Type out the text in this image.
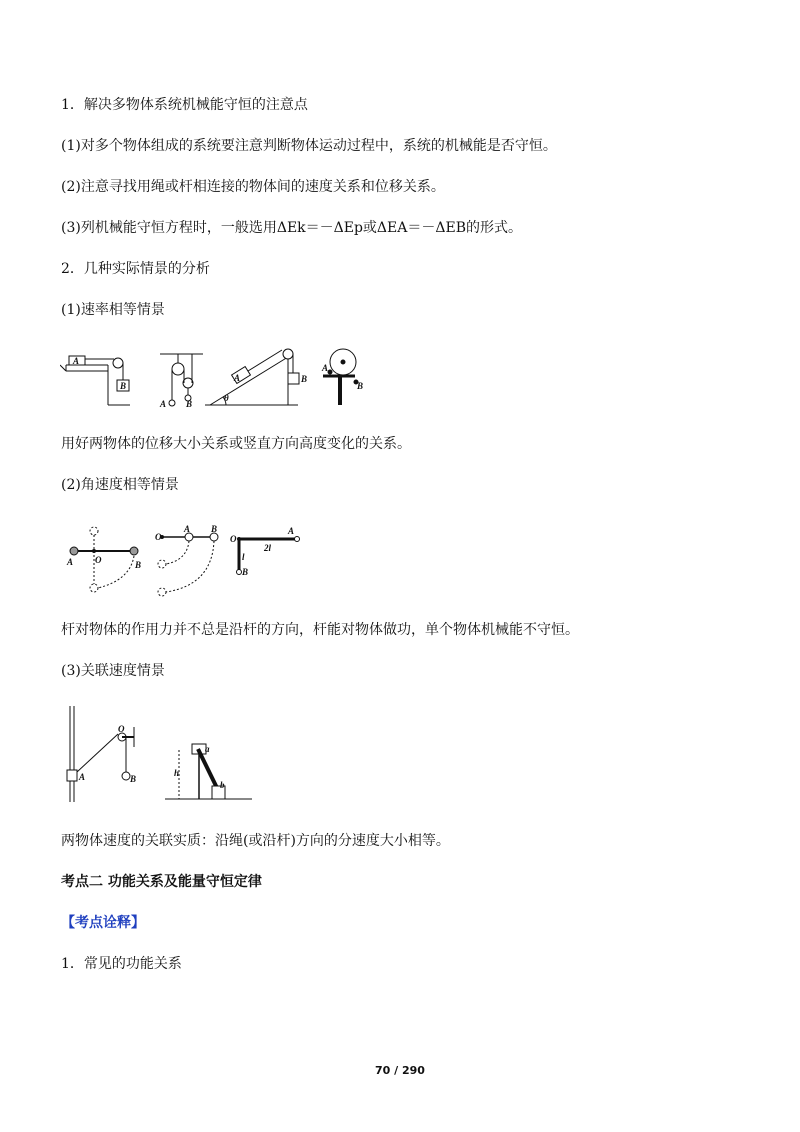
1．解决多物体系统机械能守恒的注意点
(1)对多个物体组成的系统要注意判断物体运动过程中，系统的机械能是否守恒。
(2)注意寻找用绳或杆相连接的物体间的速度关系和位移关系。
(3)列机械能守恒方程时，一般选用ΔEk＝－ΔEp或ΔEA＝－ΔEB的形式。
2．几种实际情景的分析
(1)速率相等情景
A
B
A B
A
θ
B
A
B
用好两物体的位移大小关系或竖直方向高度变化的关系。
(2)角速度相等情景
A O	B
O
A B
O
A
2l
l
B
杆对物体的作用力并不总是沿杆的方向，杆能对物体做功，单个物体机械能不守恒。
(3)关联速度情景
O
A	B
a
b
h
两物体速度的关联实质：沿绳(或沿杆)方向的分速度大小相等。
考点二 功能关系及能量守恒定律
【考点诠释】
1．常见的功能关系
70 / 290
